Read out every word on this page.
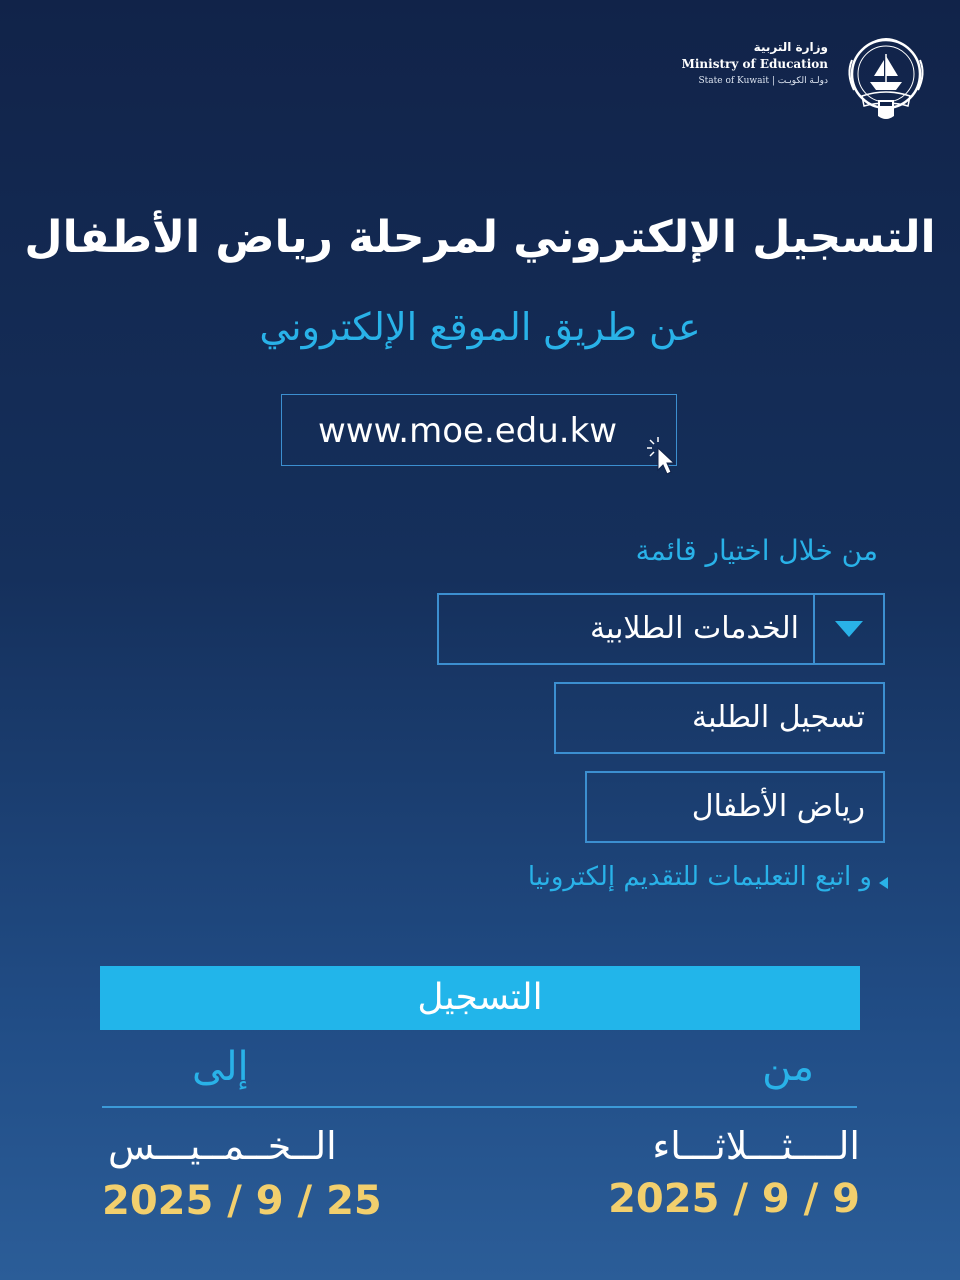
وزارة التربية
Ministry of Education
State of Kuwait | دولـة الكويـت
التسجيل الإلكتروني لمرحلة رياض الأطفال
عن طريق الموقع الإلكتروني
www.moe.edu.kw
من خلال اختيار قائمة
الخدمات الطلابية
تسجيل الطلبة
رياض الأطفال
و اتبع التعليمات للتقديم إلكترونيا
التسجيل
من
إلى
الــــثـــلاثـــاء
الــخــمــيـــس
2025 / 9 / 9
2025 / 9 / 25
